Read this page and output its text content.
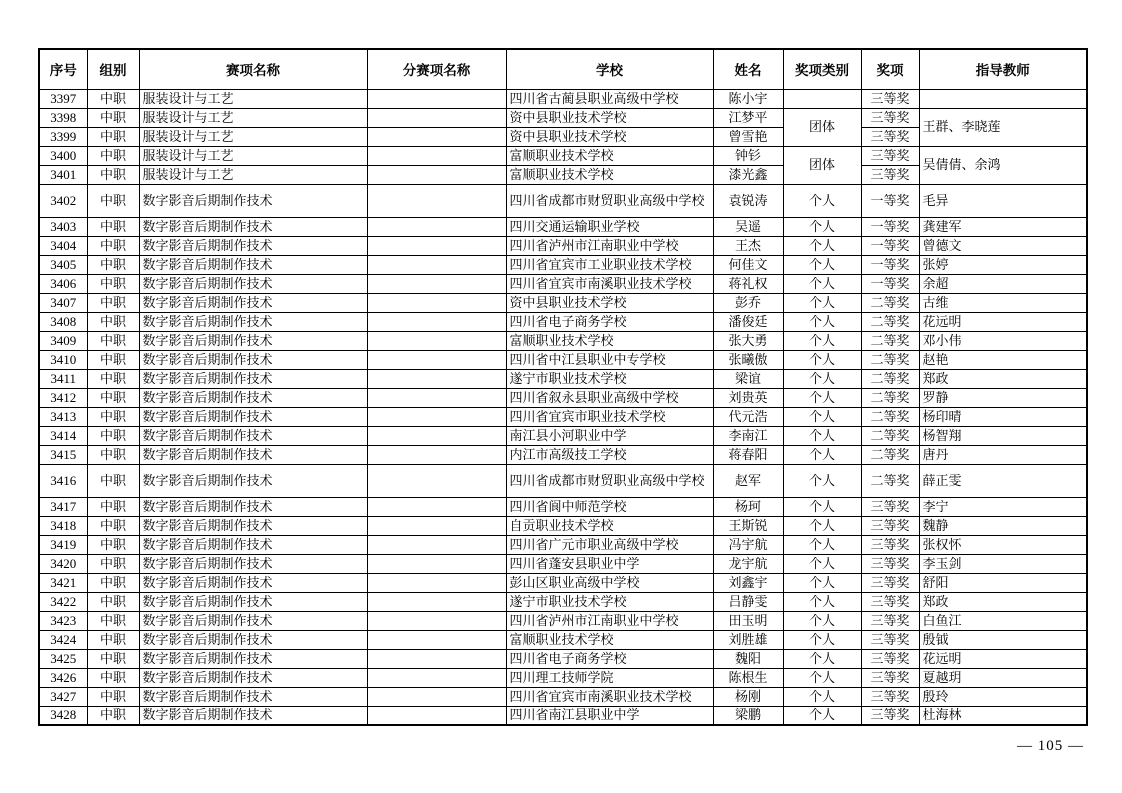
序号	组别	赛项名称	分赛项名称	学校	姓名	奖项类别	奖项	指导教师
3397	中职	服装设计与工艺		四川省古蔺县职业高级中学校	陈小宇		三等奖	
3398	中职	服装设计与工艺		资中县职业技术学校	江梦平	团体	三等奖	王群、李晓莲
3399	中职	服装设计与工艺		资中县职业技术学校	曾雪艳		三等奖	
3400	中职	服装设计与工艺		富顺职业技术学校	钟钐	团体	三等奖	吴倩倩、余鸿
3401	中职	服装设计与工艺		富顺职业技术学校	漆光鑫		三等奖	
3402	中职	数字影音后期制作技术		四川省成都市财贸职业高级中学校	袁锐涛	个人	一等奖	毛异
3403	中职	数字影音后期制作技术		四川交通运输职业学校	吴遥	个人	一等奖	龚建军
3404	中职	数字影音后期制作技术		四川省泸州市江南职业中学校	王杰	个人	一等奖	曾德文
3405	中职	数字影音后期制作技术		四川省宜宾市工业职业技术学校	何佳文	个人	一等奖	张婷
3406	中职	数字影音后期制作技术		四川省宜宾市南溪职业技术学校	蒋礼权	个人	一等奖	余超
3407	中职	数字影音后期制作技术		资中县职业技术学校	彭乔	个人	二等奖	古维
3408	中职	数字影音后期制作技术		四川省电子商务学校	潘俊廷	个人	二等奖	花远明
3409	中职	数字影音后期制作技术		富顺职业技术学校	张大勇	个人	二等奖	邓小伟
3410	中职	数字影音后期制作技术		四川省中江县职业中专学校	张曦傲	个人	二等奖	赵艳
3411	中职	数字影音后期制作技术		遂宁市职业技术学校	梁谊	个人	二等奖	郑政
3412	中职	数字影音后期制作技术		四川省叙永县职业高级中学校	刘贵英	个人	二等奖	罗静
3413	中职	数字影音后期制作技术		四川省宜宾市职业技术学校	代元浩	个人	二等奖	杨印晴
3414	中职	数字影音后期制作技术		南江县小河职业中学	李南江	个人	二等奖	杨智翔
3415	中职	数字影音后期制作技术		内江市高级技工学校	蒋春阳	个人	二等奖	唐丹
3416	中职	数字影音后期制作技术		四川省成都市财贸职业高级中学校	赵军	个人	二等奖	薛正雯
3417	中职	数字影音后期制作技术		四川省阆中师范学校	杨珂	个人	三等奖	李宁
3418	中职	数字影音后期制作技术		自贡职业技术学校	王斯锐	个人	三等奖	魏静
3419	中职	数字影音后期制作技术		四川省广元市职业高级中学校	冯宇航	个人	三等奖	张权怀
3420	中职	数字影音后期制作技术		四川省蓬安县职业中学	龙宇航	个人	三等奖	李玉剑
3421	中职	数字影音后期制作技术		彭山区职业高级中学校	刘鑫宇	个人	三等奖	舒阳
3422	中职	数字影音后期制作技术		遂宁市职业技术学校	吕静雯	个人	三等奖	郑政
3423	中职	数字影音后期制作技术		四川省泸州市江南职业中学校	田玉明	个人	三等奖	白鱼江
3424	中职	数字影音后期制作技术		富顺职业技术学校	刘胜雄	个人	三等奖	殷钺
3425	中职	数字影音后期制作技术		四川省电子商务学校	魏阳	个人	三等奖	花远明
3426	中职	数字影音后期制作技术		四川理工技师学院	陈根生	个人	三等奖	夏越玥
3427	中职	数字影音后期制作技术		四川省宜宾市南溪职业技术学校	杨刚	个人	三等奖	殷玲
3428	中职	数字影音后期制作技术		四川省南江县职业中学	梁鹏	个人	三等奖	杜海林
— 105 —
